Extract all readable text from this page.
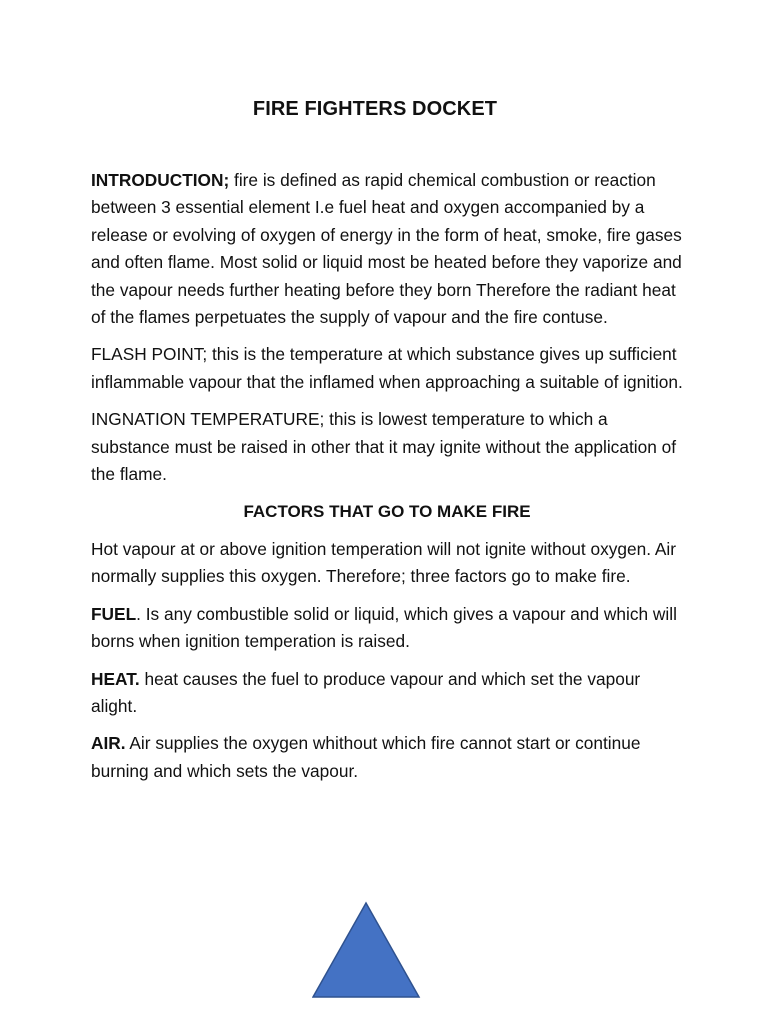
FIRE FIGHTERS DOCKET

INTRODUCTION; fire is defined as rapid chemical combustion or reaction between 3 essential element I.e fuel heat and oxygen accompanied by a release or evolving of oxygen of energy in the form of heat, smoke, fire gases and often flame. Most solid or liquid most be heated before they vaporize and the vapour needs further heating before they born Therefore the radiant heat of the flames perpetuates the supply of vapour and the fire contuse.

FLASH POINT; this is the temperature at which substance gives up sufficient inflammable vapour that the inflamed when approaching a suitable of ignition.

INGNATION TEMPERATURE; this is lowest temperature to which a substance must be raised in other that it may ignite without the application of the flame.

FACTORS THAT GO TO MAKE FIRE

Hot vapour at or above ignition temperation will not ignite without oxygen. Air normally supplies this oxygen. Therefore; three factors go to make fire.

FUEL. Is any combustible solid or liquid, which gives a vapour and which will borns when ignition temperation is raised.

HEAT. heat causes the fuel to produce vapour and which set the vapour alight.

AIR. Air supplies the oxygen whithout which fire cannot start or continue burning and which sets the vapour.
